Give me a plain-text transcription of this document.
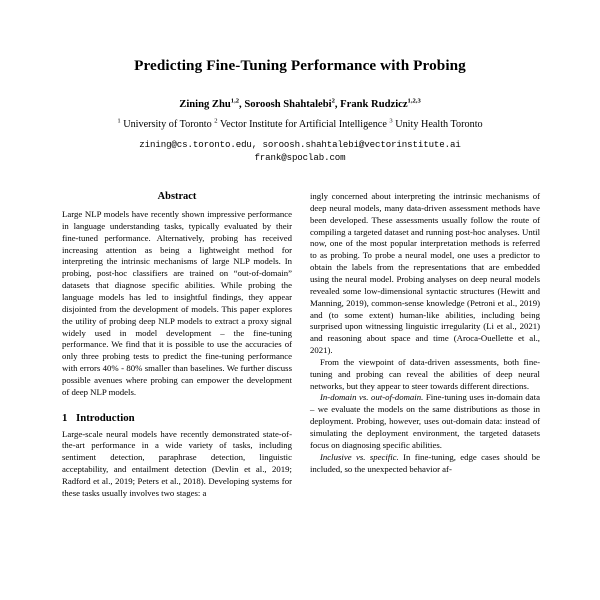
Predicting Fine-Tuning Performance with Probing
Zining Zhu$^{1,2}$, Soroosh Shahtalebi$^2$, Frank Rudzicz$^{1,2,3}$
$^1$ University of Toronto $^2$ Vector Institute for Artificial Intelligence $^3$ Unity Health Toronto
zining@cs.toronto.edu, soroosh.shahtalebi@vectorinstitute.ai
frank@spoclab.com
Abstract

Large NLP models have recently shown impressive performance in language understanding tasks, typically evaluated by their fine-tuned performance. Alternatively, probing has received increasing attention as being a lightweight method for interpreting the intrinsic mechanisms of large NLP models. In probing, post-hoc classifiers are trained on “out-of-domain” datasets that diagnose specific abilities. While probing the language models has led to insightful findings, they appear disjointed from the development of models. This paper explores the utility of probing deep NLP models to extract a proxy signal widely used in model development – the fine-tuning performance. We find that it is possible to use the accuracies of only three probing tests to predict the fine-tuning performance with errors 40% - 80% smaller than baselines. We further discuss possible avenues where probing can empower the development of deep NLP models.

1 Introduction

Large-scale neural models have recently demonstrated state-of-the-art performance in a wide variety of tasks, including sentiment detection, paraphrase detection, linguistic acceptability, and entailment detection (Devlin et al., 2019; Radford et al., 2019; Peters et al., 2018). Developing systems for these tasks usually involves two stages: a

ingly concerned about interpreting the intrinsic mechanisms of deep neural models, many data-driven assessment methods have been developed. These assessments usually follow the route of compiling a targeted dataset and running post-hoc analyses. Until now, one of the most popular interpretation methods is referred to as probing. To probe a neural model, one uses a predictor to obtain the labels from the representations that are embedded using the neural model. Probing analyses on deep neural models revealed some low-dimensional syntactic structures (Hewitt and Manning, 2019), common-sense knowledge (Petroni et al., 2019) and (to some extent) human-like abilities, including being surprised upon witnessing linguistic irregularity (Li et al., 2021) and reasoning about space and time (Aroca-Ouellette et al., 2021).

From the viewpoint of data-driven assessments, both fine-tuning and probing can reveal the abilities of deep neural networks, but they appear to steer towards different directions.

In-domain vs. out-of-domain. Fine-tuning uses in-domain data – we evaluate the models on the same distributions as those in deployment. Probing, however, uses out-domain data: instead of simulating the deployment environment, the targeted datasets focus on diagnosing specific abilities.

Inclusive vs. specific. In fine-tuning, edge cases should be included, so the unexpected behavior af-
